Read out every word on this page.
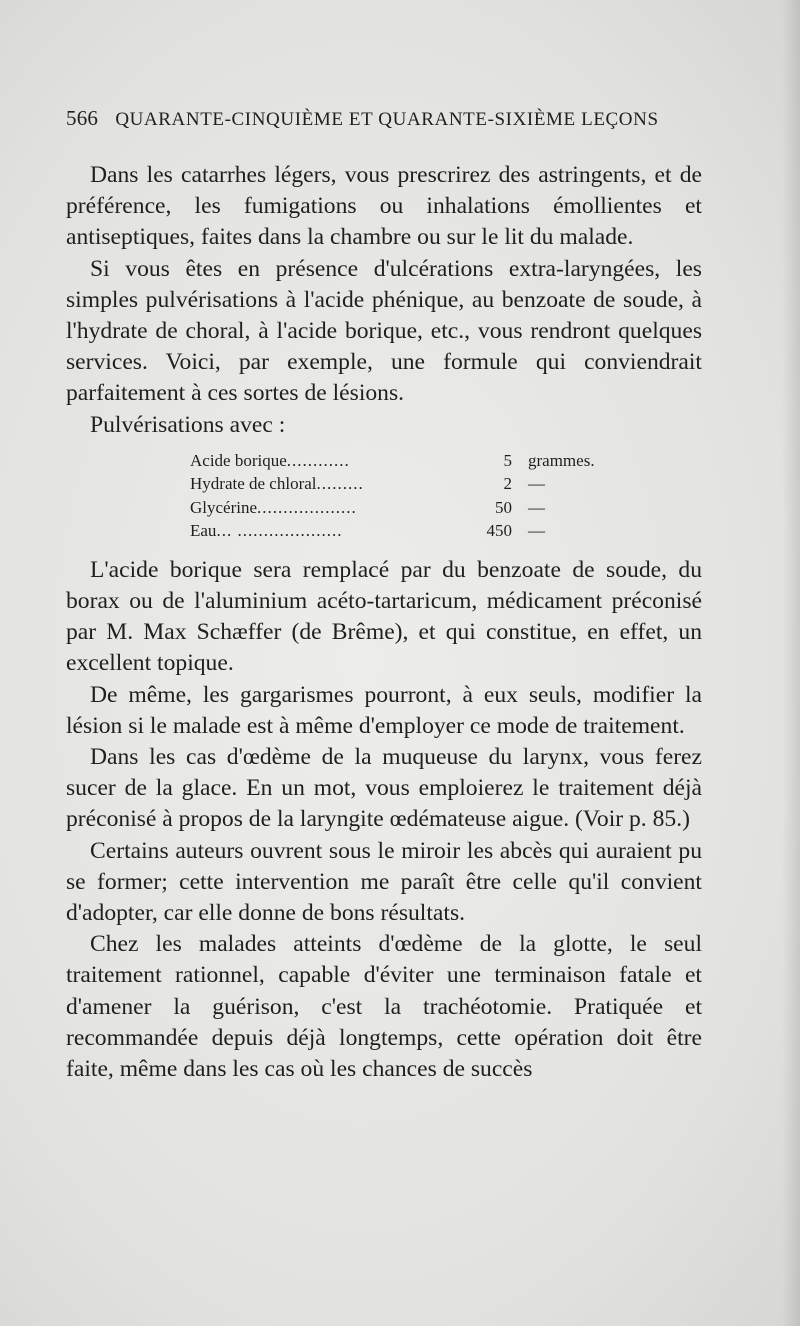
566 QUARANTE-CINQUIÈME ET QUARANTE-SIXIÈME LEÇONS

Dans les catarrhes légers, vous prescrirez des astringents, et de préférence, les fumigations ou inhalations émollientes et antiseptiques, faites dans la chambre ou sur le lit du malade.

Si vous êtes en présence d'ulcérations extra-laryngées, les simples pulvérisations à l'acide phénique, au benzoate de soude, à l'hydrate de choral, à l'acide borique, etc., vous rendront quelques services. Voici, par exemple, une formule qui conviendrait parfaitement à ces sortes de lésions.

Pulvérisations avec :

Acide borique............	5 grammes.
Hydrate de chloral.........	2 —
Glycérine...................	50 —
Eau... ....................	450 —

L'acide borique sera remplacé par du benzoate de soude, du borax ou de l'aluminium acéto-tartaricum, médicament préconisé par M. Max Schæffer (de Brême), et qui constitue, en effet, un excellent topique.

De même, les gargarismes pourront, à eux seuls, modifier la lésion si le malade est à même d'employer ce mode de traitement.

Dans les cas d'œdème de la muqueuse du larynx, vous ferez sucer de la glace. En un mot, vous emploierez le traitement déjà préconisé à propos de la laryngite œdémateuse aigue. (Voir p. 85.)

Certains auteurs ouvrent sous le miroir les abcès qui auraient pu se former; cette intervention me paraît être celle qu'il convient d'adopter, car elle donne de bons résultats.

Chez les malades atteints d'œdème de la glotte, le seul traitement rationnel, capable d'éviter une terminaison fatale et d'amener la guérison, c'est la trachéotomie. Pratiquée et recommandée depuis déjà longtemps, cette opération doit être faite, même dans les cas où les chances de succès
